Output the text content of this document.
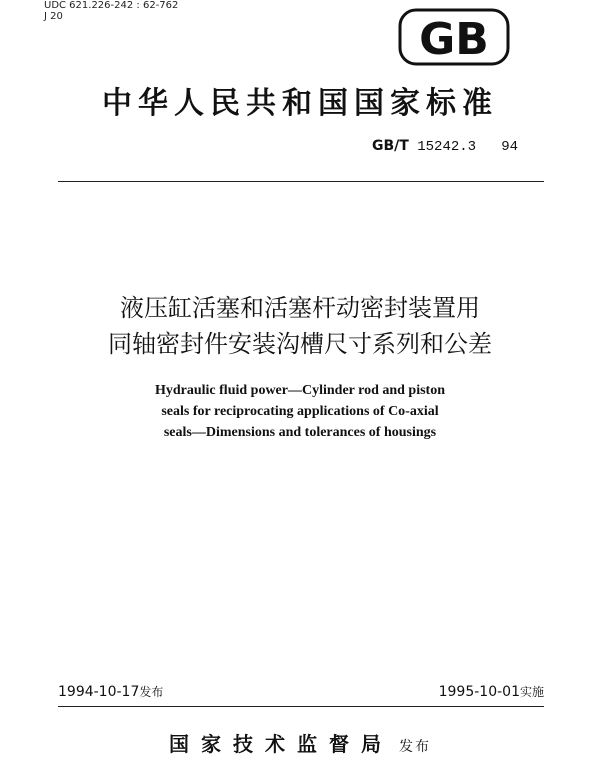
UDC 621.226-242 : 62-762
J 20	GB
中华人民共和国国家标准
GB/T 15242.3 94
液压缸活塞和活塞杆动密封装置用
同轴密封件安装沟槽尺寸系列和公差
Hydraulic fluid power—Cylinder rod and piston
seals for reciprocating applications of Co-axial
seals—Dimensions and tolerances of housings
1994-10-17发布	1995-10-01实施
国家技术监督局 发布
